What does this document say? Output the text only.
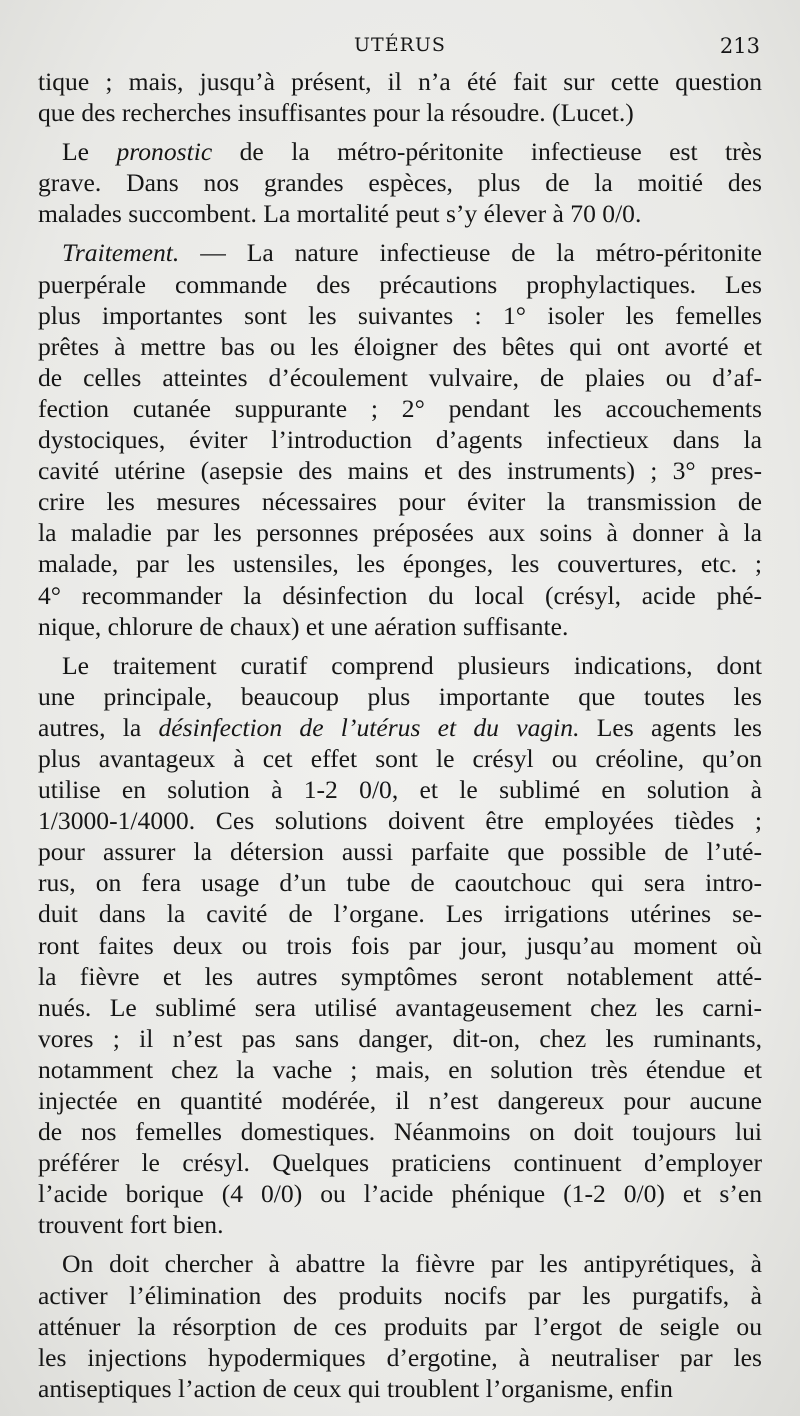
UTÉRUS	213
tique ; mais, jusqu’à présent, il n’a été fait sur cette question
que des recherches insuffisantes pour la résoudre. (Lucet.)
Le pronostic de la métro-péritonite infectieuse est très
grave. Dans nos grandes espèces, plus de la moitié des
malades succombent. La mortalité peut s’y élever à 70 0/0.
Traitement. — La nature infectieuse de la métro-péritonite
puerpérale commande des précautions prophylactiques. Les
plus importantes sont les suivantes : 1° isoler les femelles
prêtes à mettre bas ou les éloigner des bêtes qui ont avorté et
de celles atteintes d’écoulement vulvaire, de plaies ou d’af-
fection cutanée suppurante ; 2° pendant les accouchements
dystociques, éviter l’introduction d’agents infectieux dans la
cavité utérine (asepsie des mains et des instruments) ; 3° pres-
crire les mesures nécessaires pour éviter la transmission de
la maladie par les personnes préposées aux soins à donner à la
malade, par les ustensiles, les éponges, les couvertures, etc. ;
4° recommander la désinfection du local (crésyl, acide phé-
nique, chlorure de chaux) et une aération suffisante.
Le traitement curatif comprend plusieurs indications, dont
une principale, beaucoup plus importante que toutes les
autres, la désinfection de l’utérus et du vagin. Les agents les
plus avantageux à cet effet sont le crésyl ou créoline, qu’on
utilise en solution à 1-2 0/0, et le sublimé en solution à
1/3000-1/4000. Ces solutions doivent être employées tièdes ;
pour assurer la détersion aussi parfaite que possible de l’uté-
rus, on fera usage d’un tube de caoutchouc qui sera intro-
duit dans la cavité de l’organe. Les irrigations utérines se-
ront faites deux ou trois fois par jour, jusqu’au moment où
la fièvre et les autres symptômes seront notablement atté-
nués. Le sublimé sera utilisé avantageusement chez les carni-
vores ; il n’est pas sans danger, dit-on, chez les ruminants,
notamment chez la vache ; mais, en solution très étendue et
injectée en quantité modérée, il n’est dangereux pour aucune
de nos femelles domestiques. Néanmoins on doit toujours lui
préférer le crésyl. Quelques praticiens continuent d’employer
l’acide borique (4 0/0) ou l’acide phénique (1-2 0/0) et s’en
trouvent fort bien.
On doit chercher à abattre la fièvre par les antipyrétiques, à
activer l’élimination des produits nocifs par les purgatifs, à
atténuer la résorption de ces produits par l’ergot de seigle ou
les injections hypodermiques d’ergotine, à neutraliser par les
antiseptiques l’action de ceux qui troublent l’organisme, enfin
